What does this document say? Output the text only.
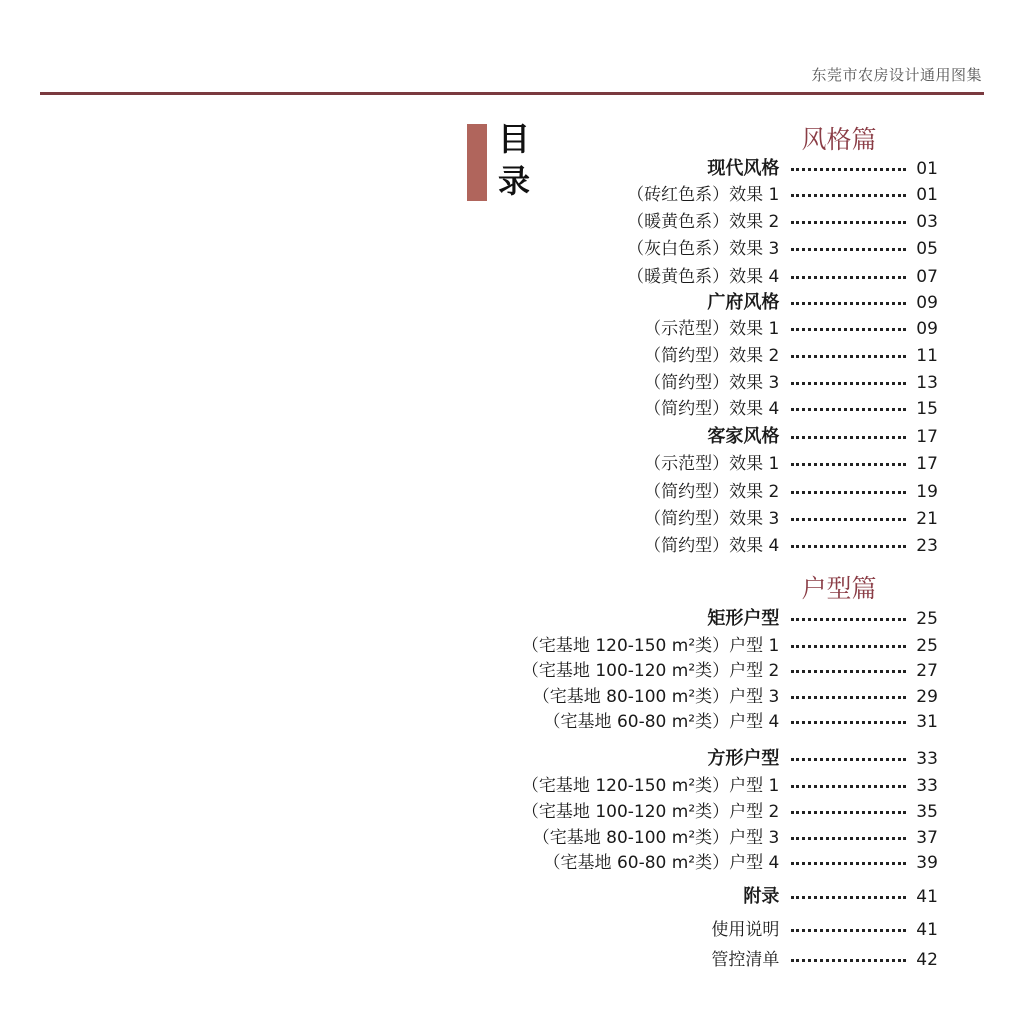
东莞市农房设计通用图集
目录
风格篇
现代风格	01
（砖红色系）效果 1	01
（暖黄色系）效果 2	03
（灰白色系）效果 3	05
（暖黄色系）效果 4	07
广府风格	09
（示范型）效果 1	09
（简约型）效果 2	11
（简约型）效果 3	13
（简约型）效果 4	15
客家风格	17
（示范型）效果 1	17
（简约型）效果 2	19
（简约型）效果 3	21
（简约型）效果 4	23
户型篇
矩形户型	25
（宅基地 120-150 m²类）户型 1	25
（宅基地 100-120 m²类）户型 2	27
（宅基地 80-100 m²类）户型 3	29
（宅基地 60-80 m²类）户型 4	31
方形户型	33
（宅基地 120-150 m²类）户型 1	33
（宅基地 100-120 m²类）户型 2	35
（宅基地 80-100 m²类）户型 3	37
（宅基地 60-80 m²类）户型 4	39
附录	41
使用说明	41
管控清单	42
